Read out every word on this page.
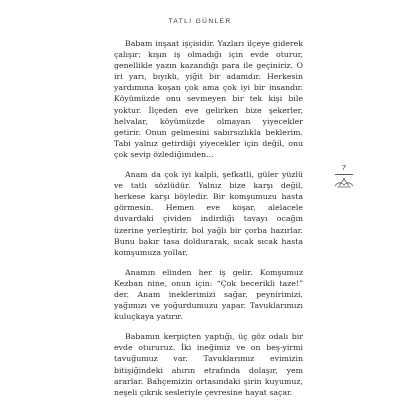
TATLI GÜNLER

Babam inşaat işçisidir. Yazları ilçeye giderek çalışır; kışın iş olmadığı için evde oturur, genellikle yazın kazandığı para ile geçiniriz. O iri yarı, bıyıklı, yiğit bir adamdır. Herkesin yardımına koşan çok ama çok iyi bir insandır. Köyümüzde onu sevmeyen bir tek kişi bile yoktur. İlçeden eve gelirken bize şekerler, helvalar, köyümüzde olmayan yiyecekler getirir. Onun gelmesini sabırsızlıkla beklerim. Tabi yalnız getirdiği yiyecekler için değil, onu çok sevip özlediğimden...

Anam da çok iyi kalpli, şefkatli, güler yüzlü ve tatlı sözlüdür. Yalnız bize karşı değil, herkese karşı böyledir. Bir komşumuzu hasta görmesin. Hemen eve koşar, alelacele duvardaki çividen indirdiği tavayı ocağın üzerine yerleştirir, bol yağlı bir çorba hazırlar. Bunu bakır tasa doldurarak, sıcak sıcak hasta komşumuza yollar.

Anamın elinden her iş gelir. Komşumuz Kezban nine, onun için: “Çok becerikli taze!” der. Anam ineklerimizi sağar, peynirimizi, yağımızı ve yoğurdumuzu yapar. Tavuklarımızı kuluçkaya yatırır.

Babamın kerpiçten yaptığı, üç göz odalı bir evde otururuz. İki ineğimiz ve on beş-yirmi tavuğumuz var. Tavuklarımız evimizin bitişiğindeki ahırın etrafında dolaşır, yem ararlar. Bahçemizin ortasındaki şirin kuyumuz, neşeli çıkrık sesleriyle çevresine hayat saçar.

7
